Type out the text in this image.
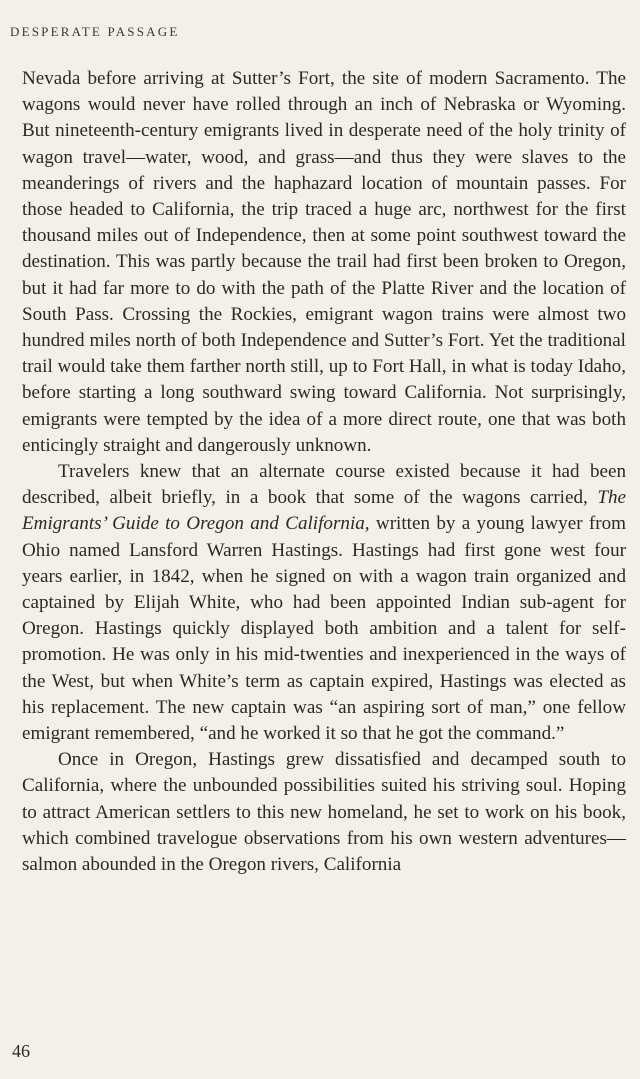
DESPERATE PASSAGE

Nevada before arriving at Sutter’s Fort, the site of modern Sacramento. The wagons would never have rolled through an inch of Nebraska or Wyoming. But nineteenth-century emigrants lived in desperate need of the holy trinity of wagon travel—water, wood, and grass—and thus they were slaves to the meanderings of rivers and the haphazard location of mountain passes. For those headed to California, the trip traced a huge arc, northwest for the first thousand miles out of Independence, then at some point southwest toward the destination. This was partly because the trail had first been broken to Oregon, but it had far more to do with the path of the Platte River and the location of South Pass. Crossing the Rockies, emigrant wagon trains were almost two hundred miles north of both Independence and Sutter’s Fort. Yet the traditional trail would take them farther north still, up to Fort Hall, in what is today Idaho, before starting a long southward swing toward California. Not surprisingly, emigrants were tempted by the idea of a more direct route, one that was both enticingly straight and dangerously unknown.

Travelers knew that an alternate course existed because it had been described, albeit briefly, in a book that some of the wagons carried, The Emigrants’ Guide to Oregon and California, written by a young lawyer from Ohio named Lansford Warren Hastings. Hastings had first gone west four years earlier, in 1842, when he signed on with a wagon train organized and captained by Elijah White, who had been appointed Indian sub-agent for Oregon. Hastings quickly displayed both ambition and a talent for self-promotion. He was only in his mid-twenties and inexperienced in the ways of the West, but when White’s term as captain expired, Hastings was elected as his replacement. The new captain was “an aspiring sort of man,” one fellow emigrant remembered, “and he worked it so that he got the command.”

Once in Oregon, Hastings grew dissatisfied and decamped south to California, where the unbounded possibilities suited his striving soul. Hoping to attract American settlers to this new homeland, he set to work on his book, which combined travelogue observations from his own western adventures—salmon abounded in the Oregon rivers, California

46
